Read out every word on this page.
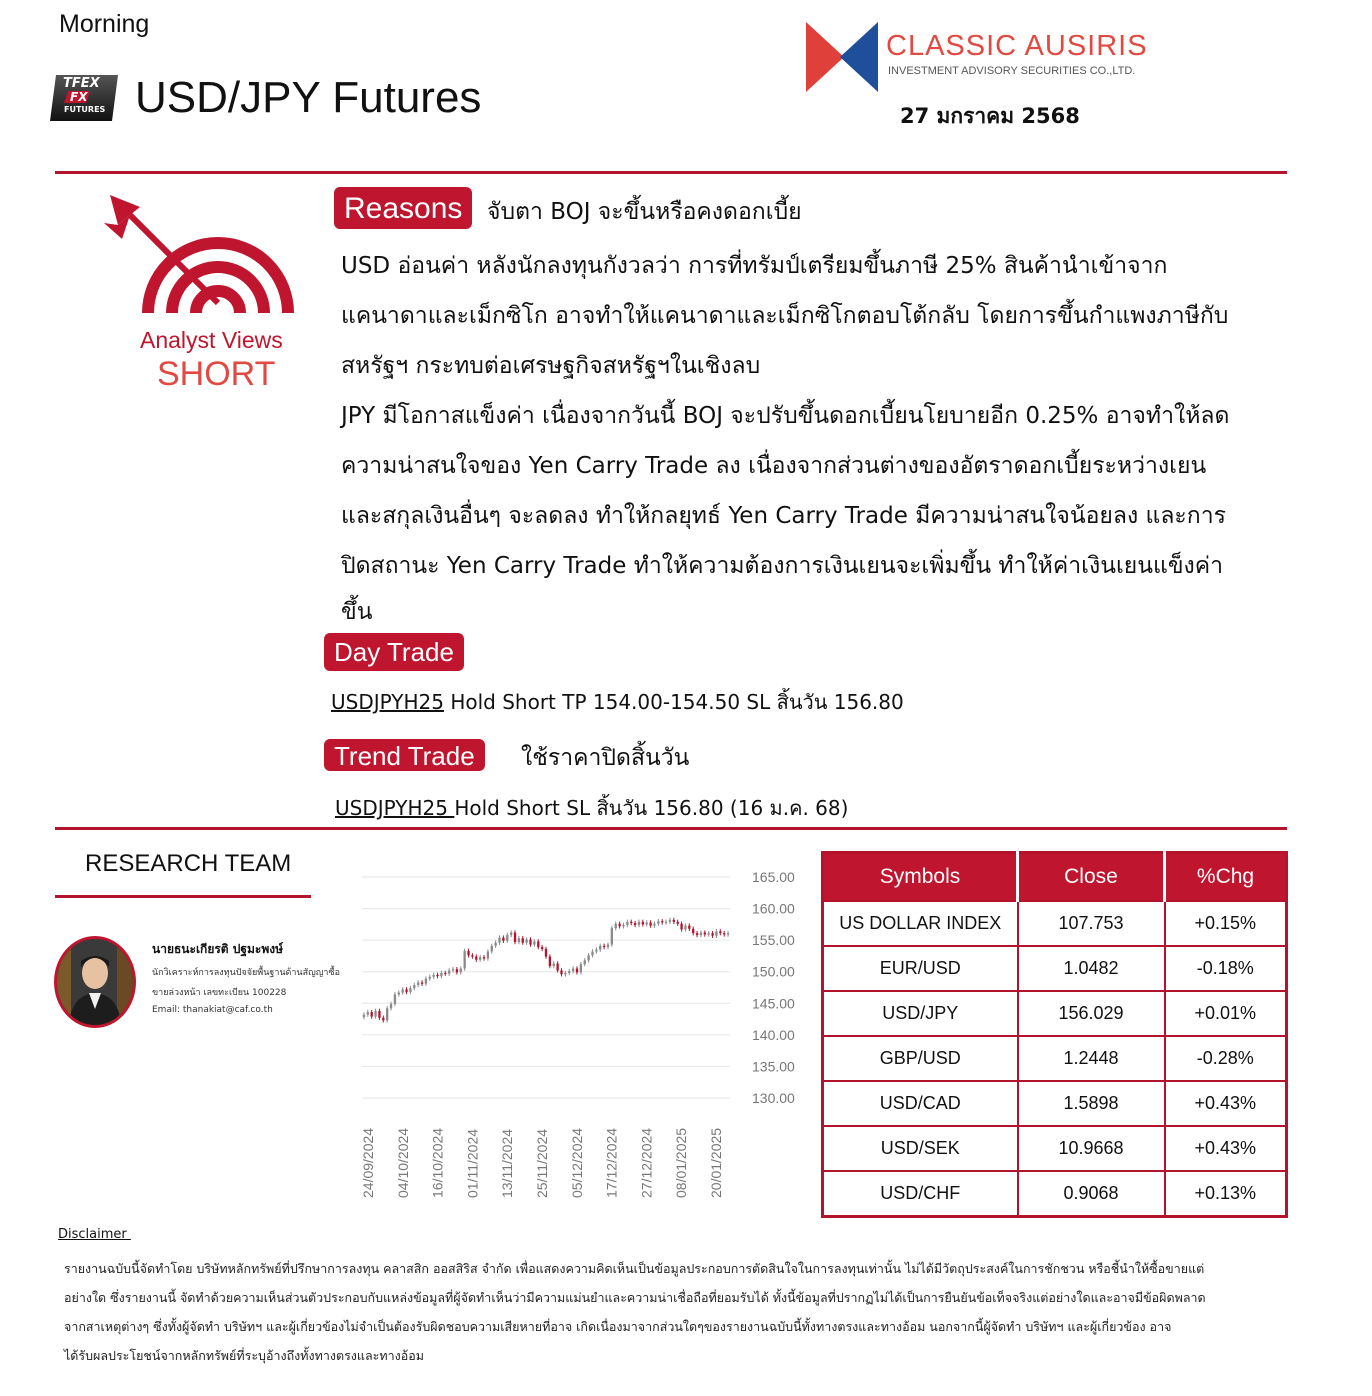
Morning
TFEX
FX
FUTURES USD/JPY Futures
CLASSIC AUSIRIS
INVESTMENT ADVISORY SECURITIES CO.,LTD.
27 มกราคม 2568
Analyst Views
SHORT
Reasons	จับตา BOJ จะขึ้นหรือคงดอกเบี้ย
USD อ่อนค่า หลังนักลงทุนกังวลว่า การที่ทรัมป์เตรียมขึ้นภาษี 25% สินค้านำเข้าจาก
แคนาดาและเม็กซิโก อาจทำให้แคนาดาและเม็กซิโกตอบโต้กลับ โดยการขึ้นกำแพงภาษีกับ
สหรัฐฯ กระทบต่อเศรษฐกิจสหรัฐฯในเชิงลบ
JPY มีโอกาสแข็งค่า เนื่องจากวันนี้ BOJ จะปรับขึ้นดอกเบี้ยนโยบายอีก 0.25% อาจทำให้ลด
ความน่าสนใจของ Yen Carry Trade ลง เนื่องจากส่วนต่างของอัตราดอกเบี้ยระหว่างเยน
และสกุลเงินอื่นๆ จะลดลง ทำให้กลยุทธ์ Yen Carry Trade มีความน่าสนใจน้อยลง และการ
ปิดสถานะ Yen Carry Trade ทำให้ความต้องการเงินเยนจะเพิ่มขึ้น ทำให้ค่าเงินเยนแข็งค่า
ขึ้น
Day Trade
USDJPYH25 Hold Short TP 154.00-154.50 SL สิ้นวัน 156.80
Trend Trade	ใช้ราคาปิดสิ้นวัน
USDJPYH25 Hold Short SL สิ้นวัน 156.80 (16 ม.ค. 68)
RESEARCH TEAM
นายธนะเกียรติ ปฐมะพงษ์
นักวิเคราะห์การลงทุนปัจจัยพื้นฐานด้านสัญญาซื้อ
ขายล่วงหน้า เลขทะเบียน 100228
Email: thanakiat@caf.co.th
165.00
160.00
155.00
150.00
145.00
140.00
135.00
130.00
24/09/2024 04/10/2024 16/10/2024 01/11/2024 13/11/2024 25/11/2024 05/12/2024 17/12/2024 27/12/2024 08/01/2025 20/01/2025
Symbols	Close	%Chg
US DOLLAR INDEX	107.753	+0.15%
EUR/USD	1.0482	-0.18%
USD/JPY	156.029	+0.01%
GBP/USD	1.2448	-0.28%
USD/CAD	1.5898	+0.43%
USD/SEK	10.9668	+0.43%
USD/CHF	0.9068	+0.13%
Disclaimer
รายงานฉบับนี้จัดทำโดย บริษัทหลักทรัพย์ที่ปรึกษาการลงทุน คลาสสิก ออสสิริส จำกัด เพื่อแสดงความคิดเห็นเป็นข้อมูลประกอบการตัดสินใจในการลงทุนเท่านั้น ไม่ได้มีวัตถุประสงค์ในการชักชวน หรือชี้นำให้ซื้อขายแต่
อย่างใด ซึ่งรายงานนี้ จัดทำด้วยความเห็นส่วนตัวประกอบกับแหล่งข้อมูลที่ผู้จัดทำเห็นว่ามีความแม่นยำและความน่าเชื่อถือที่ยอมรับได้ ทั้งนี้ข้อมูลที่ปรากฏไม่ได้เป็นการยืนยันข้อเท็จจริงแต่อย่างใดและอาจมีข้อผิดพลาด
จากสาเหตุต่างๆ ซึ่งทั้งผู้จัดทำ บริษัทฯ และผู้เกี่ยวข้องไม่จำเป็นต้องรับผิดชอบความเสียหายที่อาจ เกิดเนื่องมาจากส่วนใดๆของรายงานฉบับนี้ทั้งทางตรงและทางอ้อม นอกจากนี้ผู้จัดทำ บริษัทฯ และผู้เกี่ยวข้อง อาจ
ได้รับผลประโยชน์จากหลักทรัพย์ที่ระบุอ้างถึงทั้งทางตรงและทางอ้อม
